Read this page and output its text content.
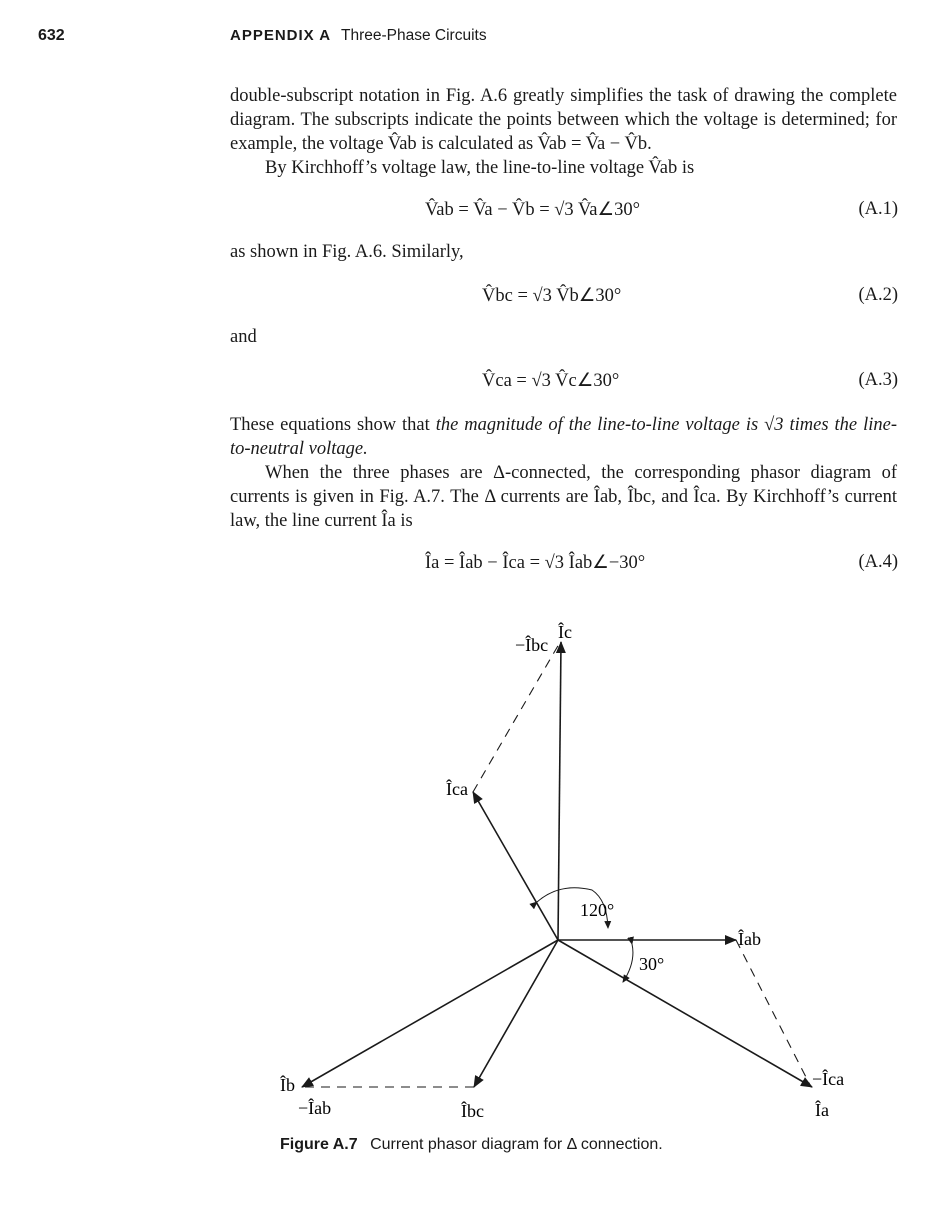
632	APPENDIX A Three-Phase Circuits
double-subscript notation in Fig. A.6 greatly simplifies the task of drawing the complete diagram. The subscripts indicate the points between which the voltage is determined; for example, the voltage V̂ab is calculated as V̂ab = V̂a − V̂b.
By Kirchhoff’s voltage law, the line-to-line voltage V̂ab is
V̂ab = V̂a − V̂b = √3 V̂a∠30°	(A.1)
as shown in Fig. A.6. Similarly,
V̂bc = √3 V̂b∠30°	(A.2)
and
V̂ca = √3 V̂c∠30°	(A.3)
These equations show that the magnitude of the line-to-line voltage is √3 times the line-to-neutral voltage.
When the three phases are Δ-connected, the corresponding phasor diagram of currents is given in Fig. A.7. The Δ currents are Îab, Îbc, and Îca. By Kirchhoff’s current law, the line current Îa is
Îa = Îab − Îca = √3 Îab∠−30°	(A.4)
−Îbc
Îc
Îca
120°
30°
Îab
Îb
−Îab	Îbc
−Îca
Îa
Figure A.7 Current phasor diagram for Δ connection.
